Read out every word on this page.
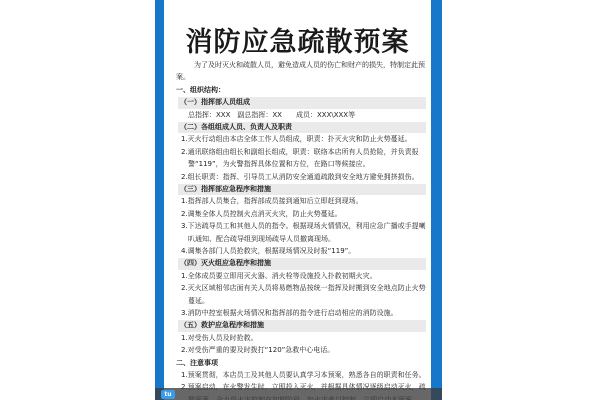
消防应急疏散预案

为了及时灭火和疏散人员，避免造成人员的伤亡和财产的损失，特制定此预案。

一、组织结构：

（一）指挥部人员组成

总指挥：XXX　副总指挥：XX　　成员：XXX\XXX等

（二）各组组成人员、负责人及职责

1.灭火行动组由本店全体工作人员组成，职责：扑灭火灾和防止火势蔓延。

2.通讯联络组由组长和副组长组成，职责：联络本店所有人员抢险，并负责报警“119”，为火警指挥具体位置和方位，在路口等候接应。

2.组长职责：指挥、引导员工从消防安全通道疏散到安全地方避免拥挤损伤。

（三）指挥部应急程序和措施

1.指挥部人员集合，指挥部成员接到通知后立即赶到现场。

2.调集全体人员控制火点消灭火灾，防止火势蔓延。

3.下达疏导员工和其他人员的指令。根据现场火情情况，利用应急广播或手提喇叭通知、配合疏导组到现场疏导人员撤离现场。

4.调集各部门人员抢救灾，根据现场情况及时报“119”。

（四）灭火组应急程序和措施

1.全体成员要立即用灭火器、消火栓等设施投入扑救初期火灾。

2.灭火区域相邻店面有关人员将易燃物品按统一指挥及时搬到安全地点防止火势蔓延。

3.消防中控室根据火场情况和指挥部的指令进行启动相应的消防设施。

（五）救护应急程序和措施

1.对受伤人员及时抢救。

2.对受伤严重的要及时拨打“120”急救中心电话。

二、注意事项

1.预案贯彻，本店员工及其他人员要认真学习本预案，熟悉各自的职责和任务。

tu
